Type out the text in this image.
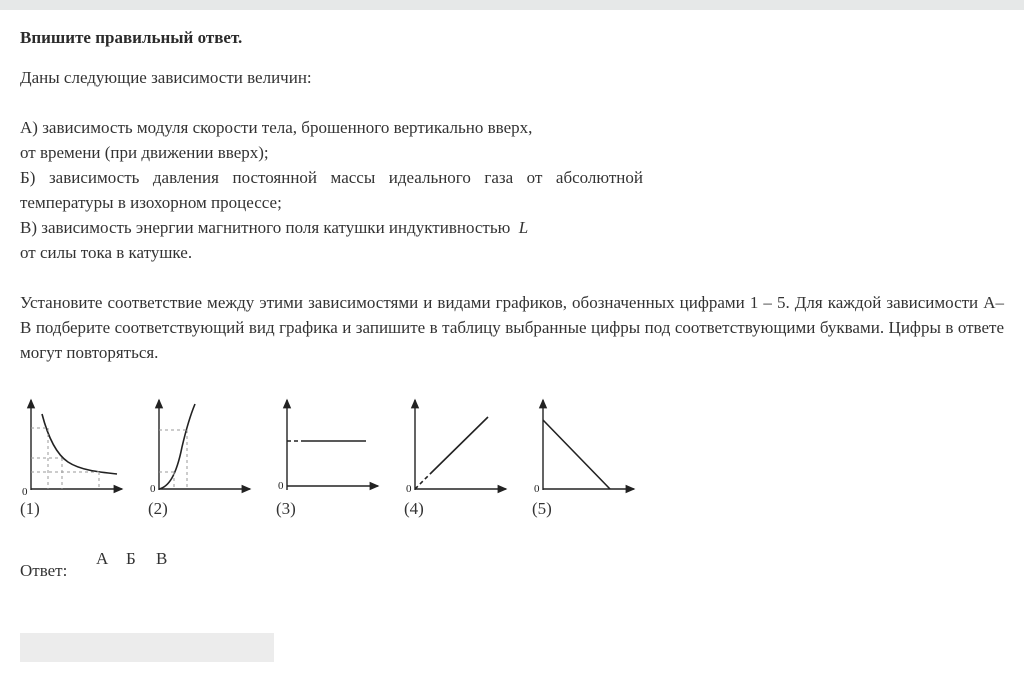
Впишите правильный ответ.
Даны следующие зависимости величин:
А) зависимость модуля скорости тела, брошенного вертикально вверх,
от времени (при движении вверх);
Б) зависимость давления постоянной массы идеального газа от абсолютной
температуры в изохорном процессе;
В) зависимость энергии магнитного поля катушки индуктивностью L
от силы тока в катушке.
Установите соответствие между этими зависимостями и видами графиков, обозначенных цифрами 1 – 5. Для каждой зависимости А– В подберите соответствующий вид графика и запишите в таблицу выбранные цифры под соответствующими буквами. Цифры в ответе могут повторяться.
0	0	0	0	0
(1)	(2)	(3)	(4)	(5)
Ответ:
А Б В
